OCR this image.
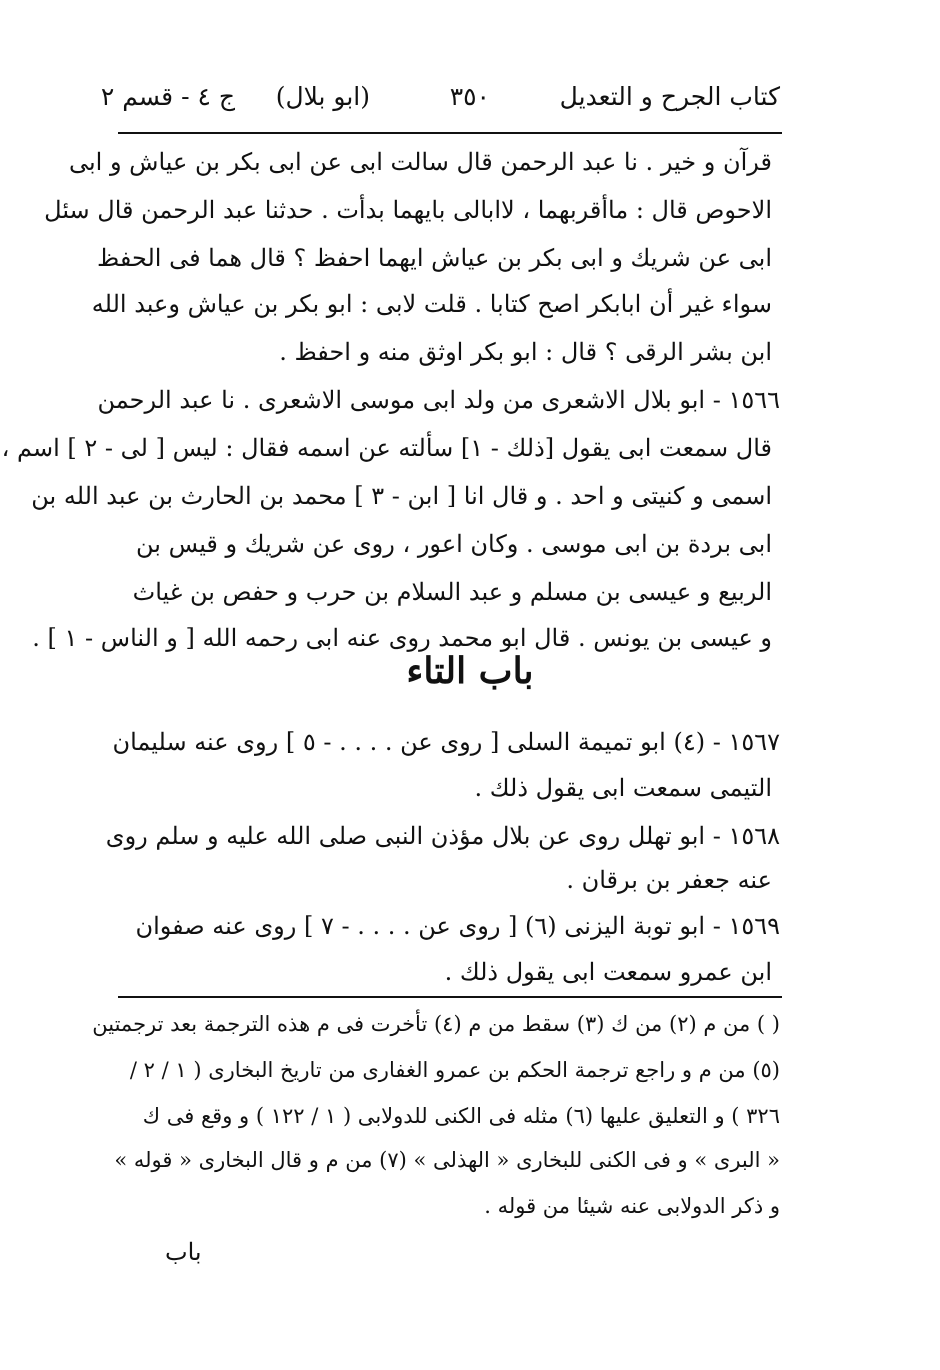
كتاب الجرح و التعديل
٣٥٠
(ابو بلال)
ج ٤ - قسم ٢
قرآن و خير . نا عبد الرحمن قال سالت ابى عن ابى بكر بن عياش و ابى
الاحوص قال : ماأقربهما ، لاابالى بايهما بدأت . حدثنا عبد الرحمن قال سئل
ابى عن شريك و ابى بكر بن عياش ايهما احفظ ؟ قال هما فى الحفظ
سواء غير أن ابابكر اصح كتابا . قلت لابى : ابو بكر بن عياش وعبد الله
ابن بشر الرقى ؟ قال : ابو بكر اوثق منه و احفظ .
١٥٦٦ - ابو بلال الاشعرى من ولد ابى موسى الاشعرى . نا عبد الرحمن
قال سمعت ابى يقول [ذلك - ١] سألته عن اسمه فقال : ليس [ لى - ٢ ] اسم ،
اسمى و كنيتى و احد . و قال انا [ ابن - ٣ ] محمد بن الحارث بن عبد الله بن
ابى بردة بن ابى موسى . وكان اعور ، روى عن شريك و قيس بن
الربيع و عيسى بن مسلم و عبد السلام بن حرب و حفص بن غياث
و عيسى بن يونس . قال ابو محمد روى عنه ابى رحمه الله [ و الناس - ١ ] .
باب التاء
١٥٦٧ - (٤) ابو تميمة السلى [ روى عن . . . . - ٥ ] روى عنه سليمان
التيمى سمعت ابى يقول ذلك .
١٥٦٨ - ابو تهلل روى عن بلال مؤذن النبى صلى الله عليه و سلم روى
عنه جعفر بن برقان .
١٥٦٩ - ابو توبة اليزنى (٦) [ روى عن . . . . - ٧ ] روى عنه صفوان
ابن عمرو سمعت ابى يقول ذلك .
( ) من م (٢) من ك (٣) سقط من م (٤) تأخرت فى م هذه الترجمة بعد ترجمتين
(٥) من م و راجع ترجمة الحكم بن عمرو الغفارى من تاريخ البخارى ( ١ / ٢ /
٣٢٦ ) و التعليق عليها (٦) مثله فى الكنى للدولابى ( ١ / ١٢٢ ) و وقع فى ك
« البرى » و فى الكنى للبخارى « الهذلى » (٧) من م و قال البخارى « قوله »
و ذكر الدولابى عنه شيئا من قوله .
باب
